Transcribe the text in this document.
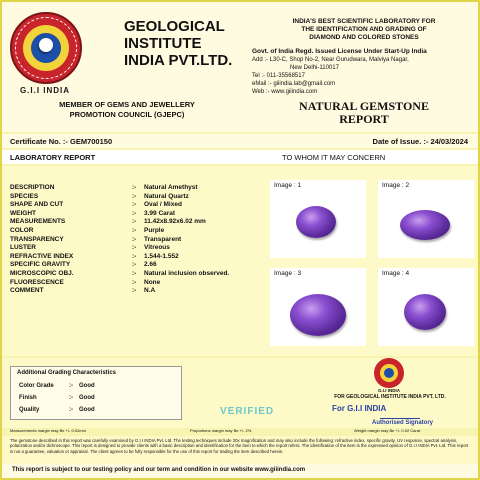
G.I.I INDIA
GEOLOGICAL
INSTITUTE
INDIA PVT.LTD.
MEMBER OF GEMS AND JEWELLERY
PROMOTION COUNCIL (GJEPC)
INDIA'S BEST SCIENTIFIC LABORATORY FOR
THE IDENTIFICATION AND GRADING OF
DIAMOND AND COLORED STONES
Govt. of India Regd. Issued License Under Start-Up India
Add :- L30-C, Shop No-2, Near Gurudwara, Malviya Nagar,
New Delhi-110017
Tel :- 011-35568517
eMail :- giiindia.lab@gmail.com
Web :- www.giiindia.com
NATURAL GEMSTONE
REPORT
Certificate No. :- GEM700150	Date of Issue. :- 24/03/2024
LABORATORY REPORT	TO WHOM IT MAY CONCERN
DESCRIPTION	:- Natural Amethyst
SPECIES	:- Natural Quartz
SHAPE AND CUT	:- Oval / Mixed
WEIGHT	:- 3.99 Carat
MEASUREMENTS	:- 11.42x8.92x6.02 mm
COLOR	:- Purple
TRANSPARENCY	:- Transparent
LUSTER	:- Vitreous
REFRACTIVE INDEX	:- 1.544-1.552
SPECIFIC GRAVITY	:- 2.66
MICROSCOPIC OBJ.	:- Natural inclusion observed.
FLUORESCENCE	:- None
COMMENT	:- N.A
Image : 1	Image : 2
Image : 3	Image : 4
Additional Grading Characteristics
Color Grade	:- Good
Finish	:- Good
Quality	:- Good
G.I.I INDIA
FOR GEOLOGICAL INSTITUTE INDIA PVT. LTD.
For G.I.I INDIA
VERIFIED
Authorised Signatory
Measurements margin may Be +/- 0.02mm	Proportions margin may Be +/- 2%	Weight margin may Be +/- 0.02 Carat
The gemstone described in this report was carefully examined by G.I.I INDIA Pvt. Ltd. The testing techniques include 20x magnification and may also include the following: refractive index, specific gravity, UV response, spectral analysis, polarization and/or dichroscope. This report is designed to provide clients with a basic description and identification for the item to which the report refers. The identification of the item is the expressed opinion of G.I.I INDIA Pvt. Ltd. This report is not a guarantee, valuation or appraisal. The client agrees to be fully responsible for the use of this report for trading the item described herein.
This report is subject to our testing policy and our term and condition in our website www.giiindia.com
